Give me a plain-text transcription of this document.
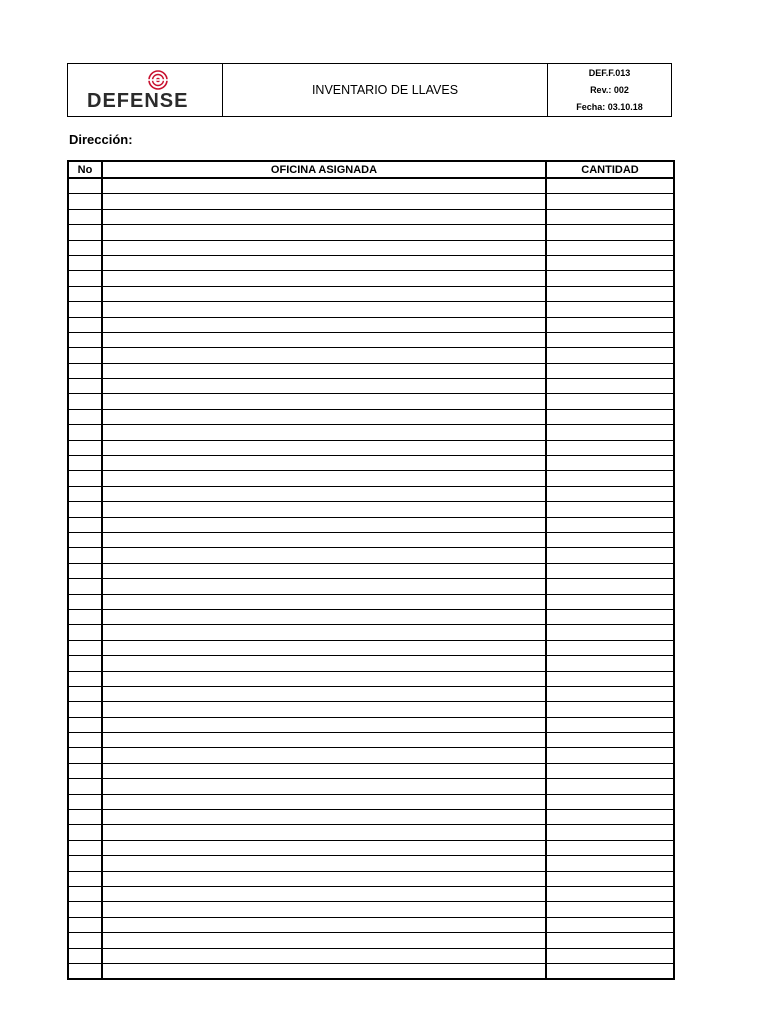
DEFENSE	INVENTARIO DE LLAVES
DEF.F.013
Rev.: 002
Fecha: 03.10.18
Dirección:
No	OFICINA ASIGNADA	CANTIDAD
